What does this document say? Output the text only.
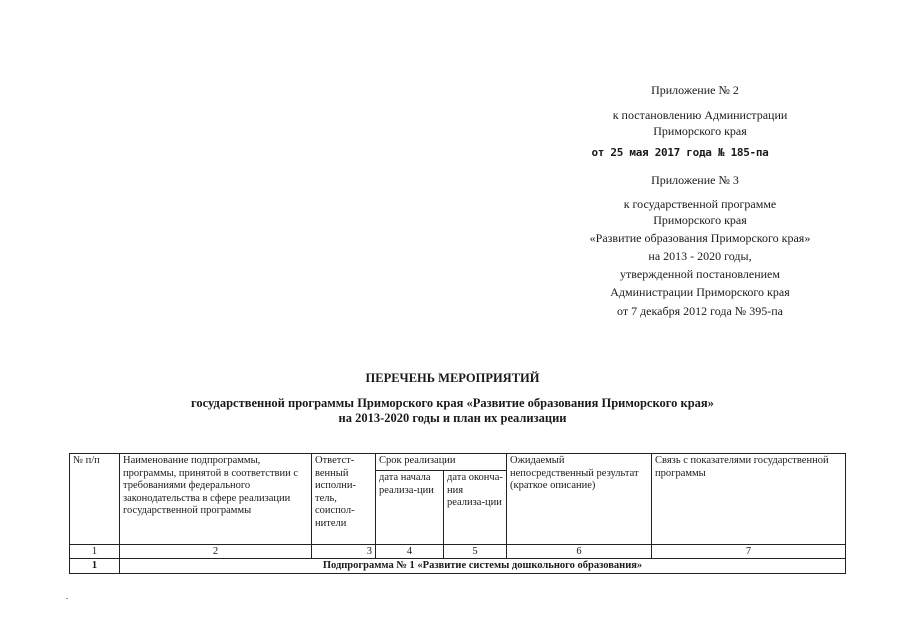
Приложение № 2
к постановлению Администрации
Приморского края
от 25 мая 2017 года № 185-па
Приложение № 3
к государственной программе
Приморского края
«Развитие образования Приморского края»
на 2013 - 2020 годы,
утвержденной постановлением
Администрации Приморского края
от 7 декабря 2012 года № 395-па
ПЕРЕЧЕНЬ МЕРОПРИЯТИЙ
государственной программы Приморского края «Развитие образования Приморского края»
на 2013-2020 годы и план их реализации
№ п/п	Наименование подпрограммы, программы, принятой в соответствии с требованиями федерального законодательства в сфере реализации государственной программы	Ответст-венный исполни-тель, соиспол-нители	Срок реализации		Ожидаемый непосредственный результат (краткое описание)	Связь с показателями государственной программы
			дата начала реализа-ции	дата оконча-ния реализа-ции		
1	2	3	4	5	6	7
1	Подпрограмма № 1 «Развитие системы дошкольного образования»					
